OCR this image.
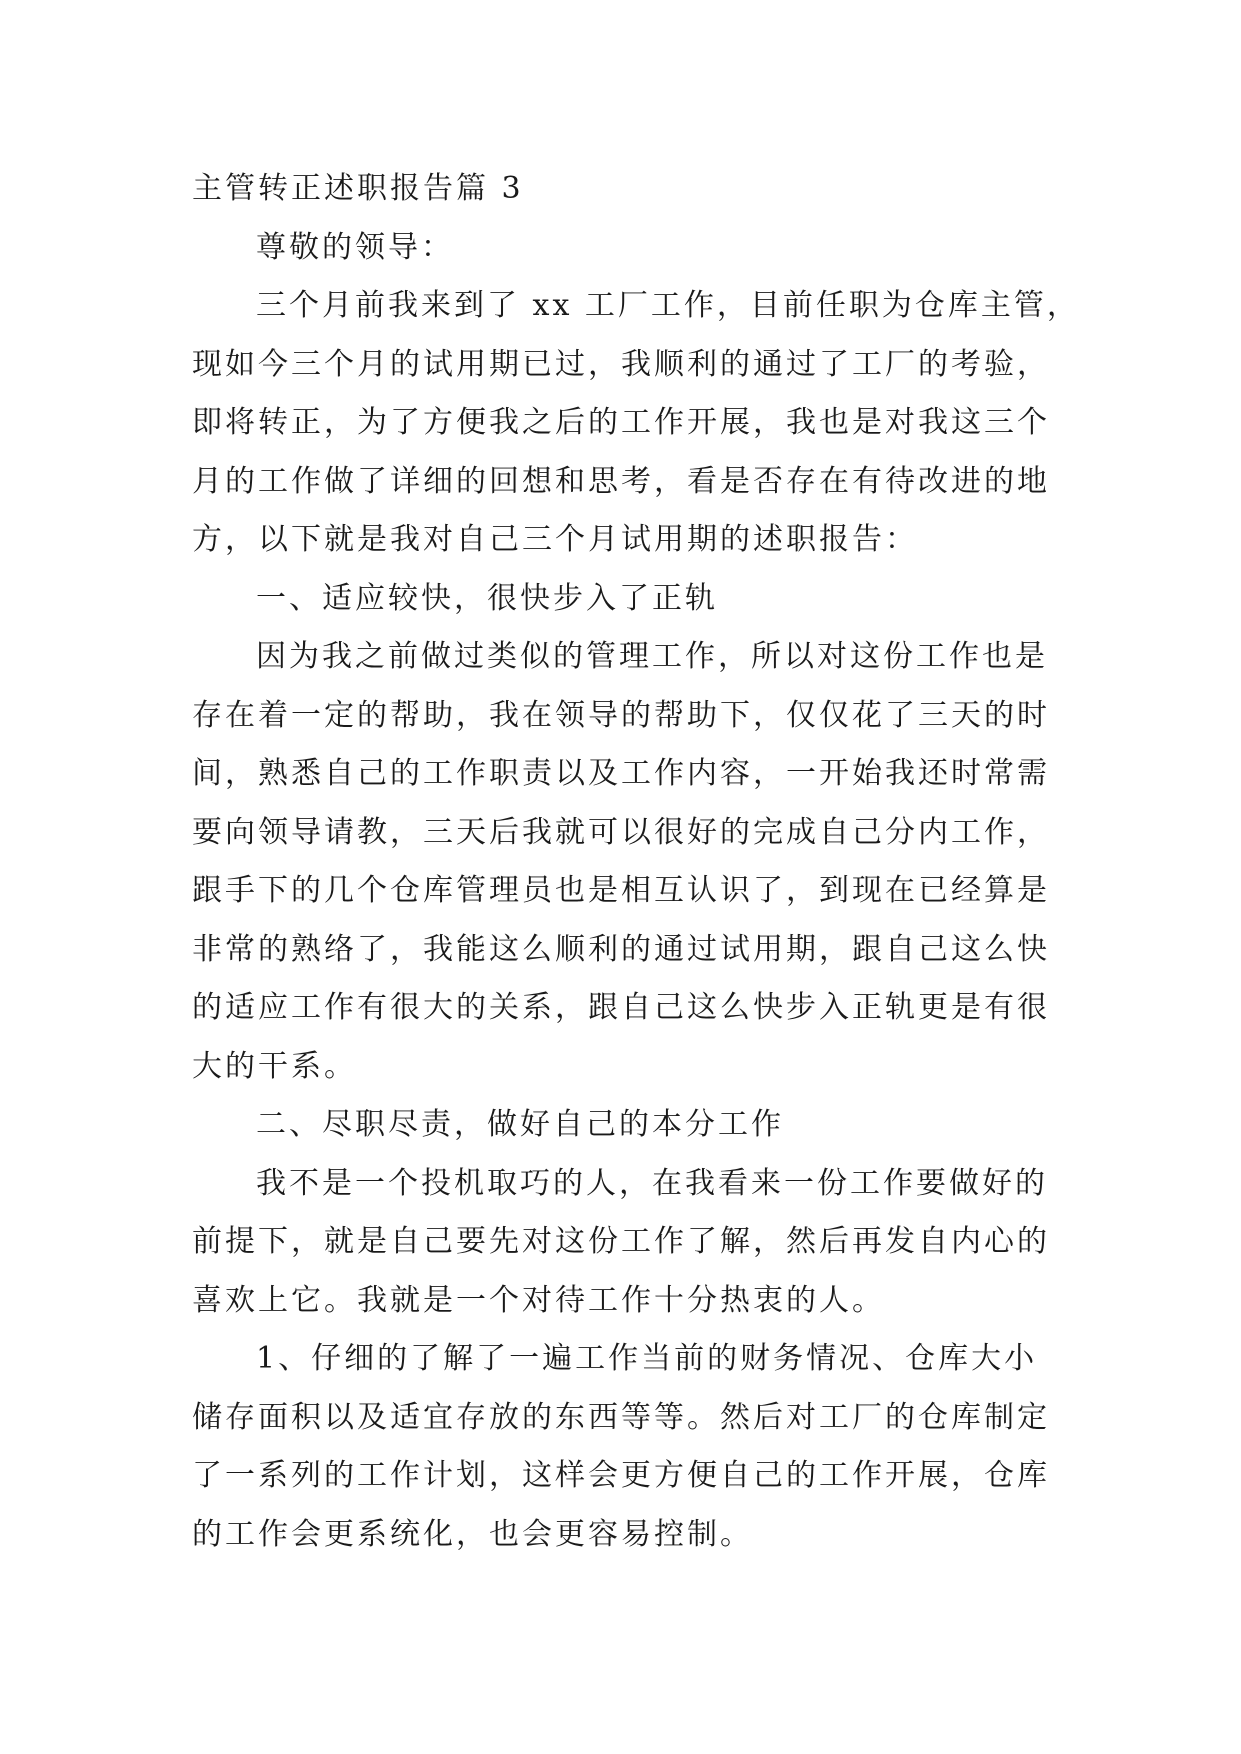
主管转正述职报告篇 3
尊敬的领导：
三个月前我来到了 xx 工厂工作，目前任职为仓库主管，
现如今三个月的试用期已过，我顺利的通过了工厂的考验，
即将转正，为了方便我之后的工作开展，我也是对我这三个
月的工作做了详细的回想和思考，看是否存在有待改进的地
方，以下就是我对自己三个月试用期的述职报告：
一、适应较快，很快步入了正轨
因为我之前做过类似的管理工作，所以对这份工作也是
存在着一定的帮助，我在领导的帮助下，仅仅花了三天的时
间，熟悉自己的工作职责以及工作内容，一开始我还时常需
要向领导请教，三天后我就可以很好的完成自己分内工作，
跟手下的几个仓库管理员也是相互认识了，到现在已经算是
非常的熟络了，我能这么顺利的通过试用期，跟自己这么快
的适应工作有很大的关系，跟自己这么快步入正轨更是有很
大的干系。
二、尽职尽责，做好自己的本分工作
我不是一个投机取巧的人，在我看来一份工作要做好的
前提下，就是自己要先对这份工作了解，然后再发自内心的
喜欢上它。我就是一个对待工作十分热衷的人。
1、仔细的了解了一遍工作当前的财务情况、仓库大小
储存面积以及适宜存放的东西等等。然后对工厂的仓库制定
了一系列的工作计划，这样会更方便自己的工作开展，仓库
的工作会更系统化，也会更容易控制。
